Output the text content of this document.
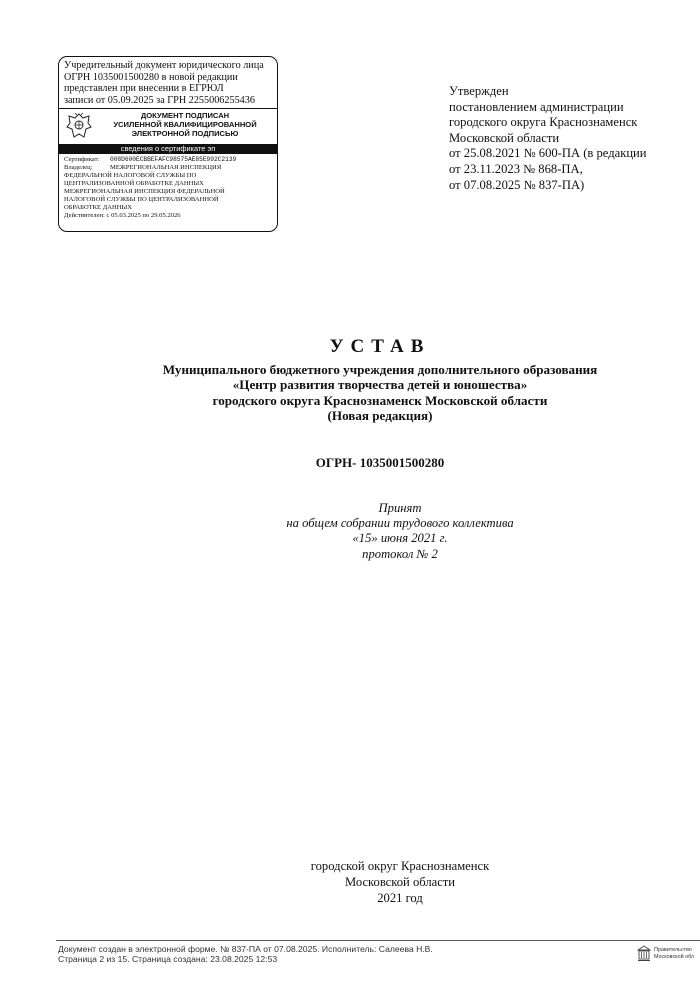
Учредительный документ юридического лица
ОГРН 1035001500280 в новой редакции
представлен при внесении в ЕГРЮЛ
записи от 05.09.2025 за ГРН 2255006255436
ДОКУМЕНТ ПОДПИСАН
УСИЛЕННОЙ КВАЛИФИЦИРОВАННОЙ
ЭЛЕКТРОННОЙ ПОДПИСЬЮ
сведения о сертификате эп
Сертификат:	008D600ECBBEFAFC98575AE85E992C2139
Владелец:	МЕЖРЕГИОНАЛЬНАЯ ИНСПЕКЦИЯ
ФЕДЕРАЛЬНОЙ НАЛОГОВОЙ СЛУЖБЫ ПО
ЦЕНТРАЛИЗОВАННОЙ ОБРАБОТКЕ ДАННЫХ
МЕЖРЕГИОНАЛЬНАЯ ИНСПЕКЦИЯ ФЕДЕРАЛЬНОЙ
НАЛОГОВОЙ СЛУЖБЫ ПО ЦЕНТРАЛИЗОВАННОЙ
ОБРАБОТКЕ ДАННЫХ
Действителен:
с 05.03.2025 по 29.05.2026
Утвержден
постановлением администрации
городского округа Краснознаменск
Московской области
от 25.08.2021 № 600-ПА (в редакции
от 23.11.2023 № 868-ПА,
от 07.08.2025 № 837-ПА)
УСТАВ
Муниципального бюджетного учреждения дополнительного образования
«Центр развития творчества детей и юношества»
городского округа Краснознаменск Московской области
(Новая редакция)
ОГРН- 1035001500280
Принят
на общем собрании трудового коллектива
«15» июня 2021 г.
протокол № 2
городской округ Краснознаменск
Московской области
2021 год
Документ создан в электронной форме. № 837-ПА от 07.08.2025. Исполнитель: Салеева Н.В.
Страница 2 из 15. Страница создана: 23.08.2025 12:53
Правительство
Московской обл
